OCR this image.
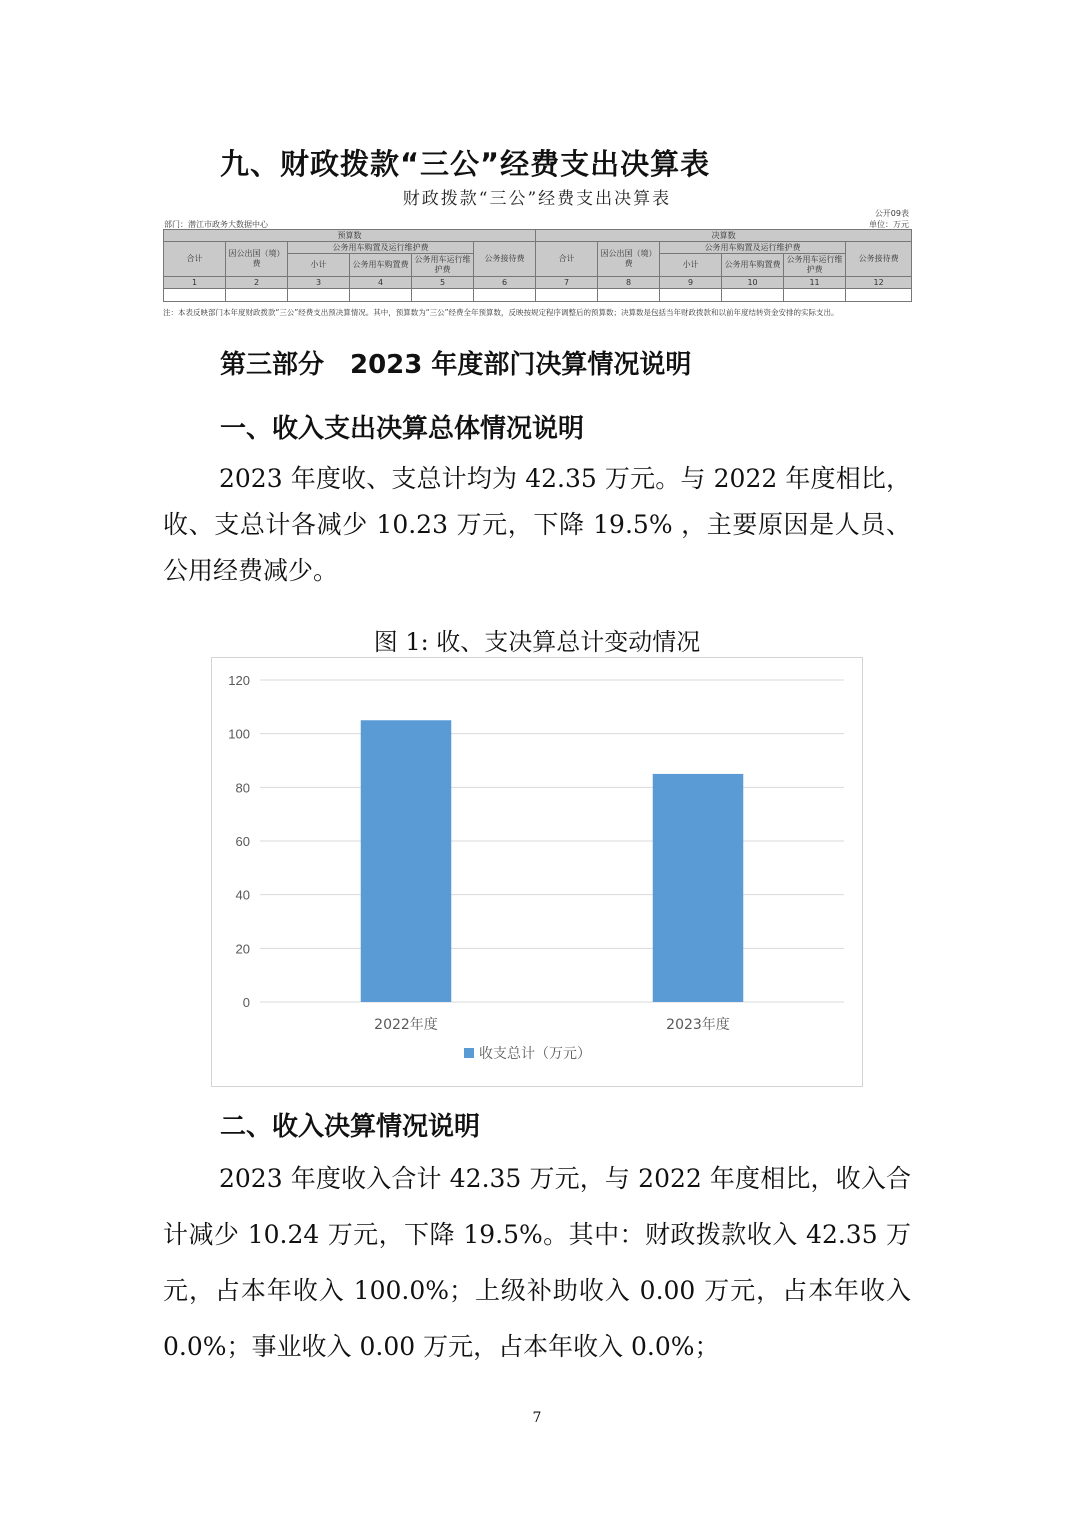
九、财政拨款“三公”经费支出决算表
财政拨款“三公”经费支出决算表
公开09表
部门：潜江市政务大数据中心	单位：万元
预算数						决算数					
合计	因公出国（境）费	公务用车购置及运行维护费			公务接待费	合计	因公出国（境）费	公务用车购置及运行维护费			公务接待费
		小计	公务用车购置费	公务用车运行维护费				小计	公务用车购置费	公务用车运行维护费	
1	2	3	4	5	6	7	8	9	10	11	12

注：本表反映部门本年度财政拨款“三公”经费支出预决算情况。其中，预算数为“三公”经费全年预算数，反映按规定程序调整后的预算数；决算数是包括当年财政拨款和以前年度结转资金安排的实际支出。
第三部分　2023 年度部门决算情况说明
一、收入支出决算总体情况说明
2023 年度收、支总计均为 42.35 万元。与 2022 年度相比，收、支总计各减少 10.23 万元，下降 19.5% ，主要原因是人员、公用经费减少。
图 1: 收、支决算总计变动情况
0
20
40
60
80
100
120
2022年度	2023年度
收支总计（万元）
二、收入决算情况说明
2023 年度收入合计 42.35 万元，与 2022 年度相比，收入合计减少 10.24 万元，下降 19.5%。其中：财政拨款收入 42.35 万元，占本年收入 100.0%；上级补助收入 0.00 万元，占本年收入 0.0%；事业收入 0.00 万元，占本年收入 0.0%；
7
